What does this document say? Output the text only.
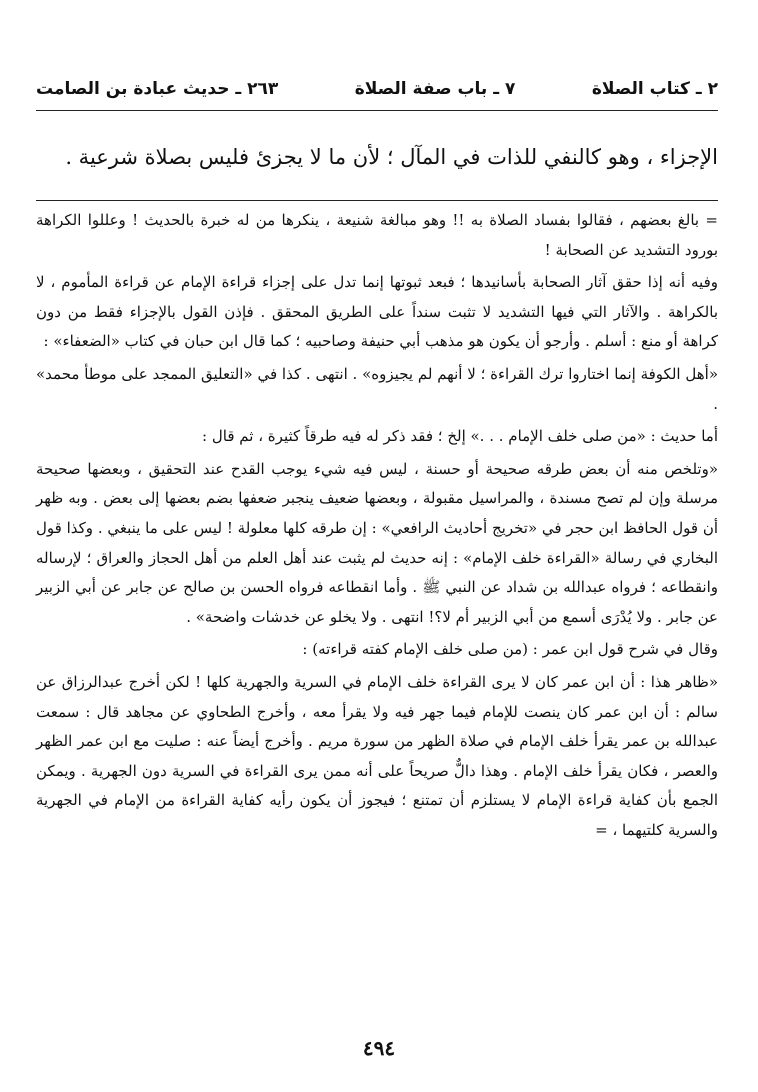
٢٦٣ ـ حديث عبادة بن الصامت	٧ ـ باب صفة الصلاة	٢ ـ كتاب الصلاة
الإجزاء ، وهو كالنفي للذات في المآل ؛ لأن ما لا يجزئ فليس بصلاة شرعية .

= بالغ بعضهم ، فقالوا بفساد الصلاة به !! وهو مبالغة شنيعة ، ينكرها من له خبرة بالحديث ! وعللوا الكراهة بورود التشديد عن الصحابة !

وفيه أنه إذا حقق آثار الصحابة بأسانيدها ؛ فبعد ثبوتها إنما تدل على إجزاء قراءة الإمام عن قراءة المأموم ، لا بالكراهة . والآثار التي فيها التشديد لا تثبت سنداً على الطريق المحقق . فإذن القول بالإجزاء فقط من دون كراهة أو منع : أسلم . وأرجو أن يكون هو مذهب أبي حنيفة وصاحبيه ؛ كما قال ابن حبان في كتاب «الضعفاء» :

«أهل الكوفة إنما اختاروا ترك القراءة ؛ لا أنهم لم يجيزوه» . انتهى . كذا في «التعليق الممجد على موطأ محمد» .

أما حديث : «من صلى خلف الإمام . . .» إلخ ؛ فقد ذكر له فيه طرقاً كثيرة ، ثم قال :

«وتلخص منه أن بعض طرقه صحيحة أو حسنة ، ليس فيه شيء يوجب القدح عند التحقيق ، وبعضها صحيحة مرسلة وإن لم تصح مسندة ، والمراسيل مقبولة ، وبعضها ضعيف ينجبر ضعفها بضم بعضها إلى بعض . وبه ظهر أن قول الحافظ ابن حجر في «تخريج أحاديث الرافعي» : إن طرقه كلها معلولة ! ليس على ما ينبغي . وكذا قول البخاري في رسالة «القراءة خلف الإمام» : إنه حديث لم يثبت عند أهل العلم من أهل الحجاز والعراق ؛ لإرساله وانقطاعه ؛ فرواه عبدالله بن شداد عن النبي ﷺ . وأما انقطاعه فرواه الحسن بن صالح عن جابر عن أبي الزبير عن جابر . ولا يُدْرَى أسمع من أبي الزبير أم لا؟! انتهى . ولا يخلو عن خدشات واضحة» .

وقال في شرح قول ابن عمر : (من صلى خلف الإمام كفته قراءته) :

«ظاهر هذا : أن ابن عمر كان لا يرى القراءة خلف الإمام في السرية والجهرية كلها ! لكن أخرج عبدالرزاق عن سالم : أن ابن عمر كان ينصت للإمام فيما جهر فيه ولا يقرأ معه ، وأخرج الطحاوي عن مجاهد قال : سمعت عبدالله بن عمر يقرأ خلف الإمام في صلاة الظهر من سورة مريم . وأخرج أيضاً عنه : صليت مع ابن عمر الظهر والعصر ، فكان يقرأ خلف الإمام . وهذا دالٌّ صريحاً على أنه ممن يرى القراءة في السرية دون الجهرية . ويمكن الجمع بأن كفاية قراءة الإمام لا يستلزم أن تمتنع ؛ فيجوز أن يكون رأيه كفاية القراءة من الإمام في الجهرية والسرية كلتيهما ، =

٤٩٤
